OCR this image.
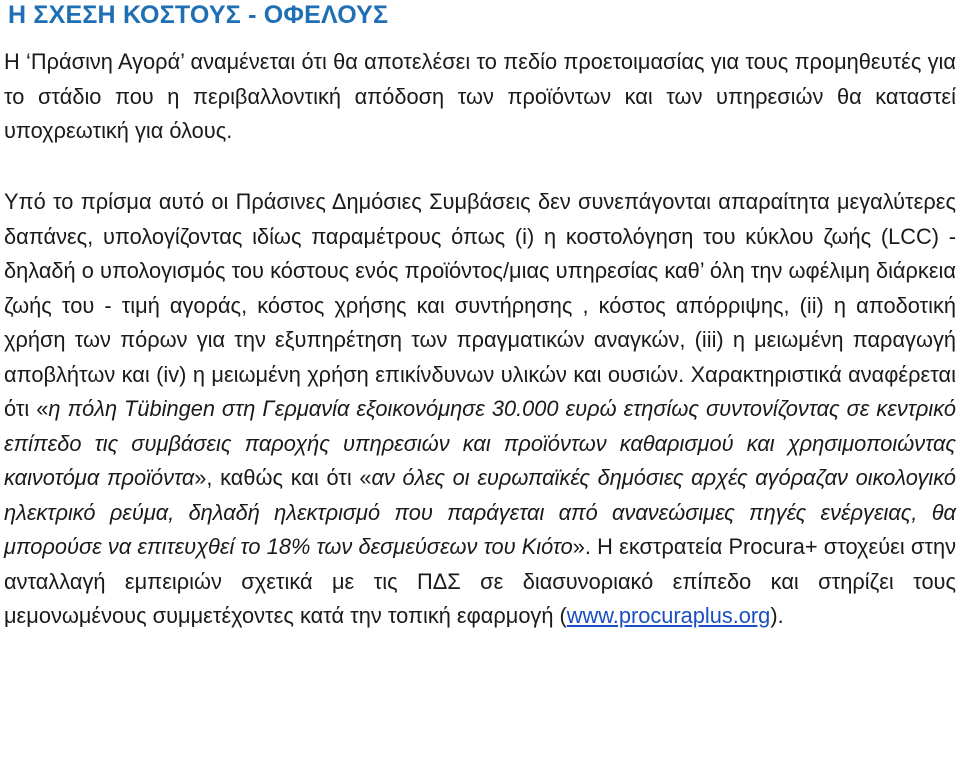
Η ΣΧΕΣΗ ΚΟΣΤΟΥΣ - ΟΦΕΛΟΥΣ

Η ‘Πράσινη Αγορά’ αναμένεται ότι θα αποτελέσει το πεδίο προετοιμασίας για τους προμηθευτές για το στάδιο που η περιβαλλοντική απόδοση των προϊόντων και των υπηρεσιών θα καταστεί υποχρεωτική για όλους.

Υπό το πρίσμα αυτό οι Πράσινες Δημόσιες Συμβάσεις δεν συνεπάγονται απαραίτητα μεγαλύτερες δαπάνες, υπολογίζοντας ιδίως παραμέτρους όπως (i) η κοστολόγηση του κύκλου ζωής (LCC) - δηλαδή ο υπολογισμός του κόστους ενός προϊόντος/μιας υπηρεσίας καθ’ όλη την ωφέλιμη διάρκεια ζωής του - τιμή αγοράς, κόστος χρήσης και συντήρησης , κόστος απόρριψης, (ii) η αποδοτική χρήση των πόρων για την εξυπηρέτηση των πραγματικών αναγκών, (iii) η μειωμένη παραγωγή αποβλήτων και (iv) η μειωμένη χρήση επικίνδυνων υλικών και ουσιών. Χαρακτηριστικά αναφέρεται ότι «η πόλη Tübingen στη Γερμανία εξοικονόμησε 30.000 ευρώ ετησίως συντονίζοντας σε κεντρικό επίπεδο τις συμβάσεις παροχής υπηρεσιών και προϊόντων καθαρισμού και χρησιμοποιώντας καινοτόμα προϊόντα», καθώς και ότι «αν όλες οι ευρωπαϊκές δημόσιες αρχές αγόραζαν οικολογικό ηλεκτρικό ρεύμα, δηλαδή ηλεκτρισμό που παράγεται από ανανεώσιμες πηγές ενέργειας, θα μπορούσε να επιτευχθεί το 18% των δεσμεύσεων του Κιότο». Η εκστρατεία Procura+ στοχεύει στην ανταλλαγή εμπειριών σχετικά με τις ΠΔΣ σε διασυνοριακό επίπεδο και στηρίζει τους μεμονωμένους συμμετέχοντες κατά την τοπική εφαρμογή (www.procuraplus.org).
